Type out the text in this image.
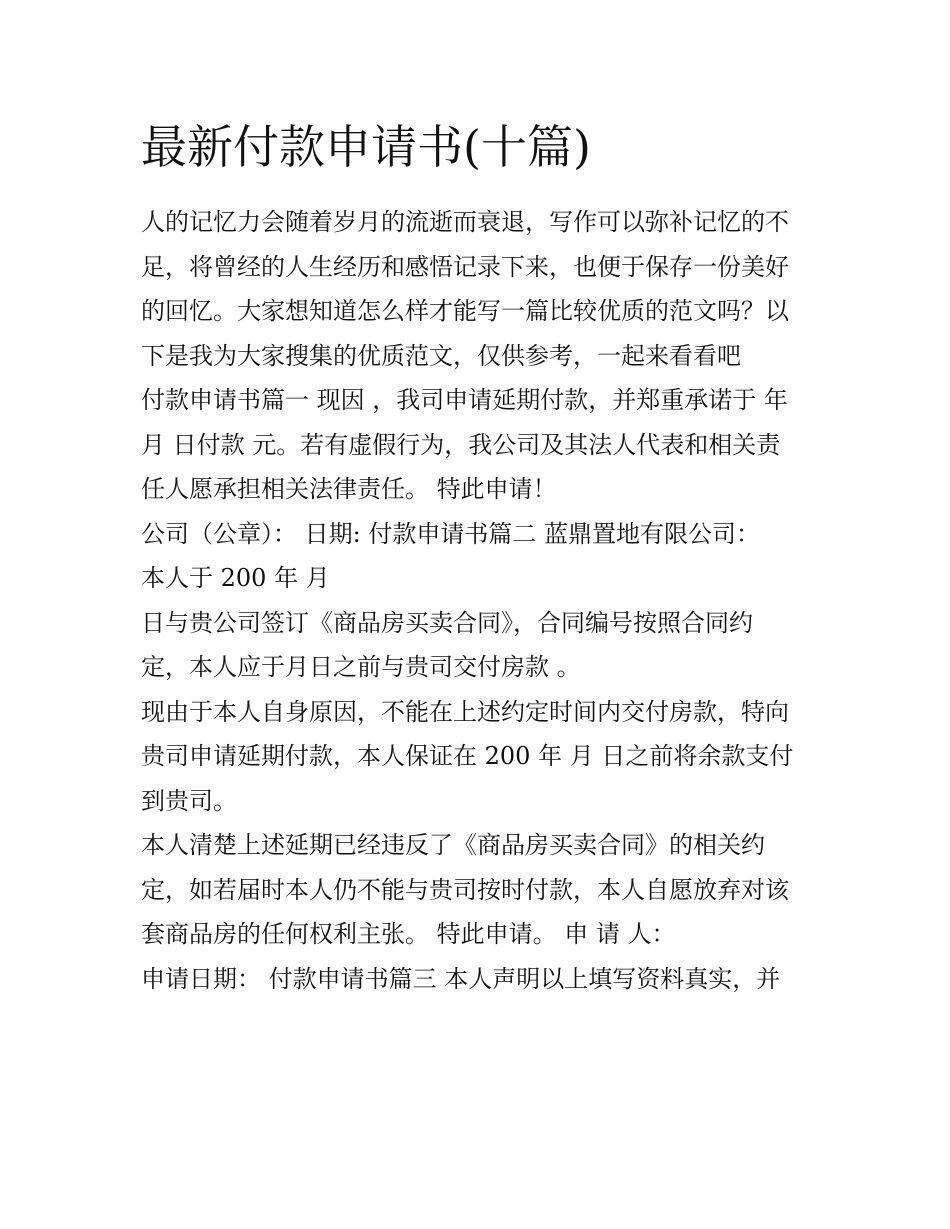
最新付款申请书(十篇)

人的记忆力会随着岁月的流逝而衰退，写作可以弥补记忆的不
足，将曾经的人生经历和感悟记录下来，也便于保存一份美好
的回忆。大家想知道怎么样才能写一篇比较优质的范文吗？以
下是我为大家搜集的优质范文，仅供参考，一起来看看吧

付款申请书篇一 现因 ，我司申请延期付款，并郑重承诺于 年
月 日付款 元。若有虚假行为，我公司及其法人代表和相关责
任人愿承担相关法律责任。 特此申请！

公司（公章）： 日期: 付款申请书篇二 蓝鼎置地有限公司：

本人于 200 年 月

日与贵公司签订《商品房买卖合同》，合同编号按照合同约
定，本人应于月日之前与贵司交付房款 。

现由于本人自身原因，不能在上述约定时间内交付房款，特向
贵司申请延期付款，本人保证在 200 年 月 日之前将余款支付
到贵司。

本人清楚上述延期已经违反了《商品房买卖合同》的相关约
定，如若届时本人仍不能与贵司按时付款，本人自愿放弃对该
套商品房的任何权利主张。 特此申请。 申 请 人：

申请日期： 付款申请书篇三 本人声明以上填写资料真实，并
